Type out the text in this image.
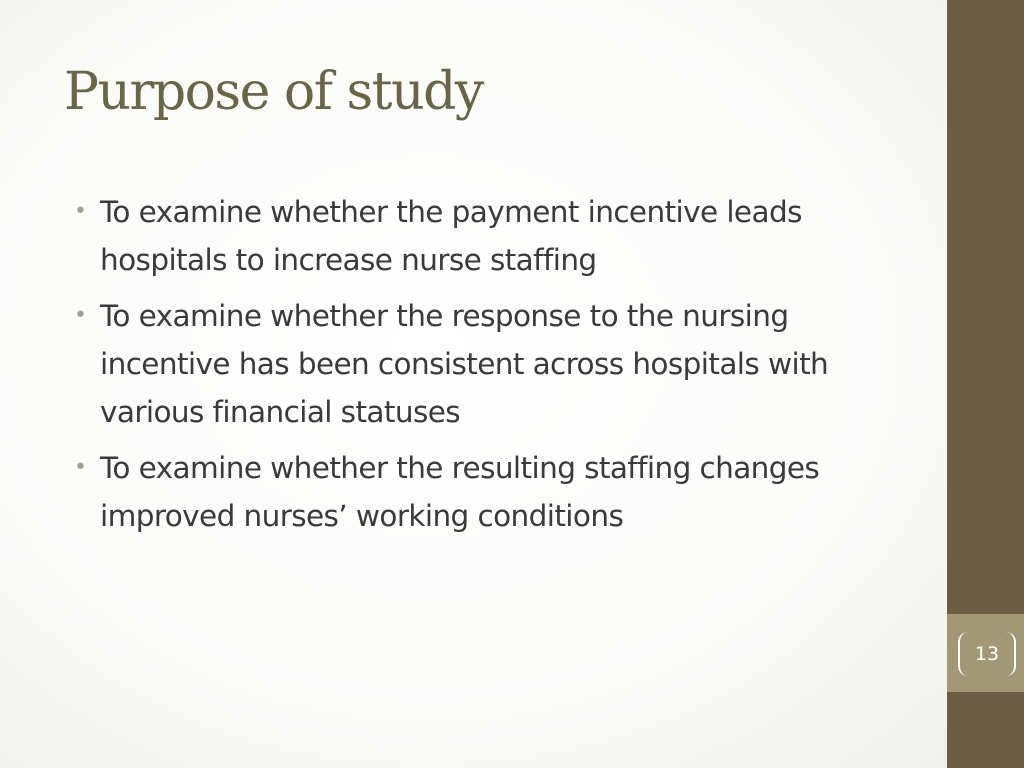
Purpose of study
• To examine whether the payment incentive leads hospitals to increase nurse staffing
• To examine whether the response to the nursing incentive has been consistent across hospitals with various financial statuses
• To examine whether the resulting staffing changes improved nurses’ working conditions
13
